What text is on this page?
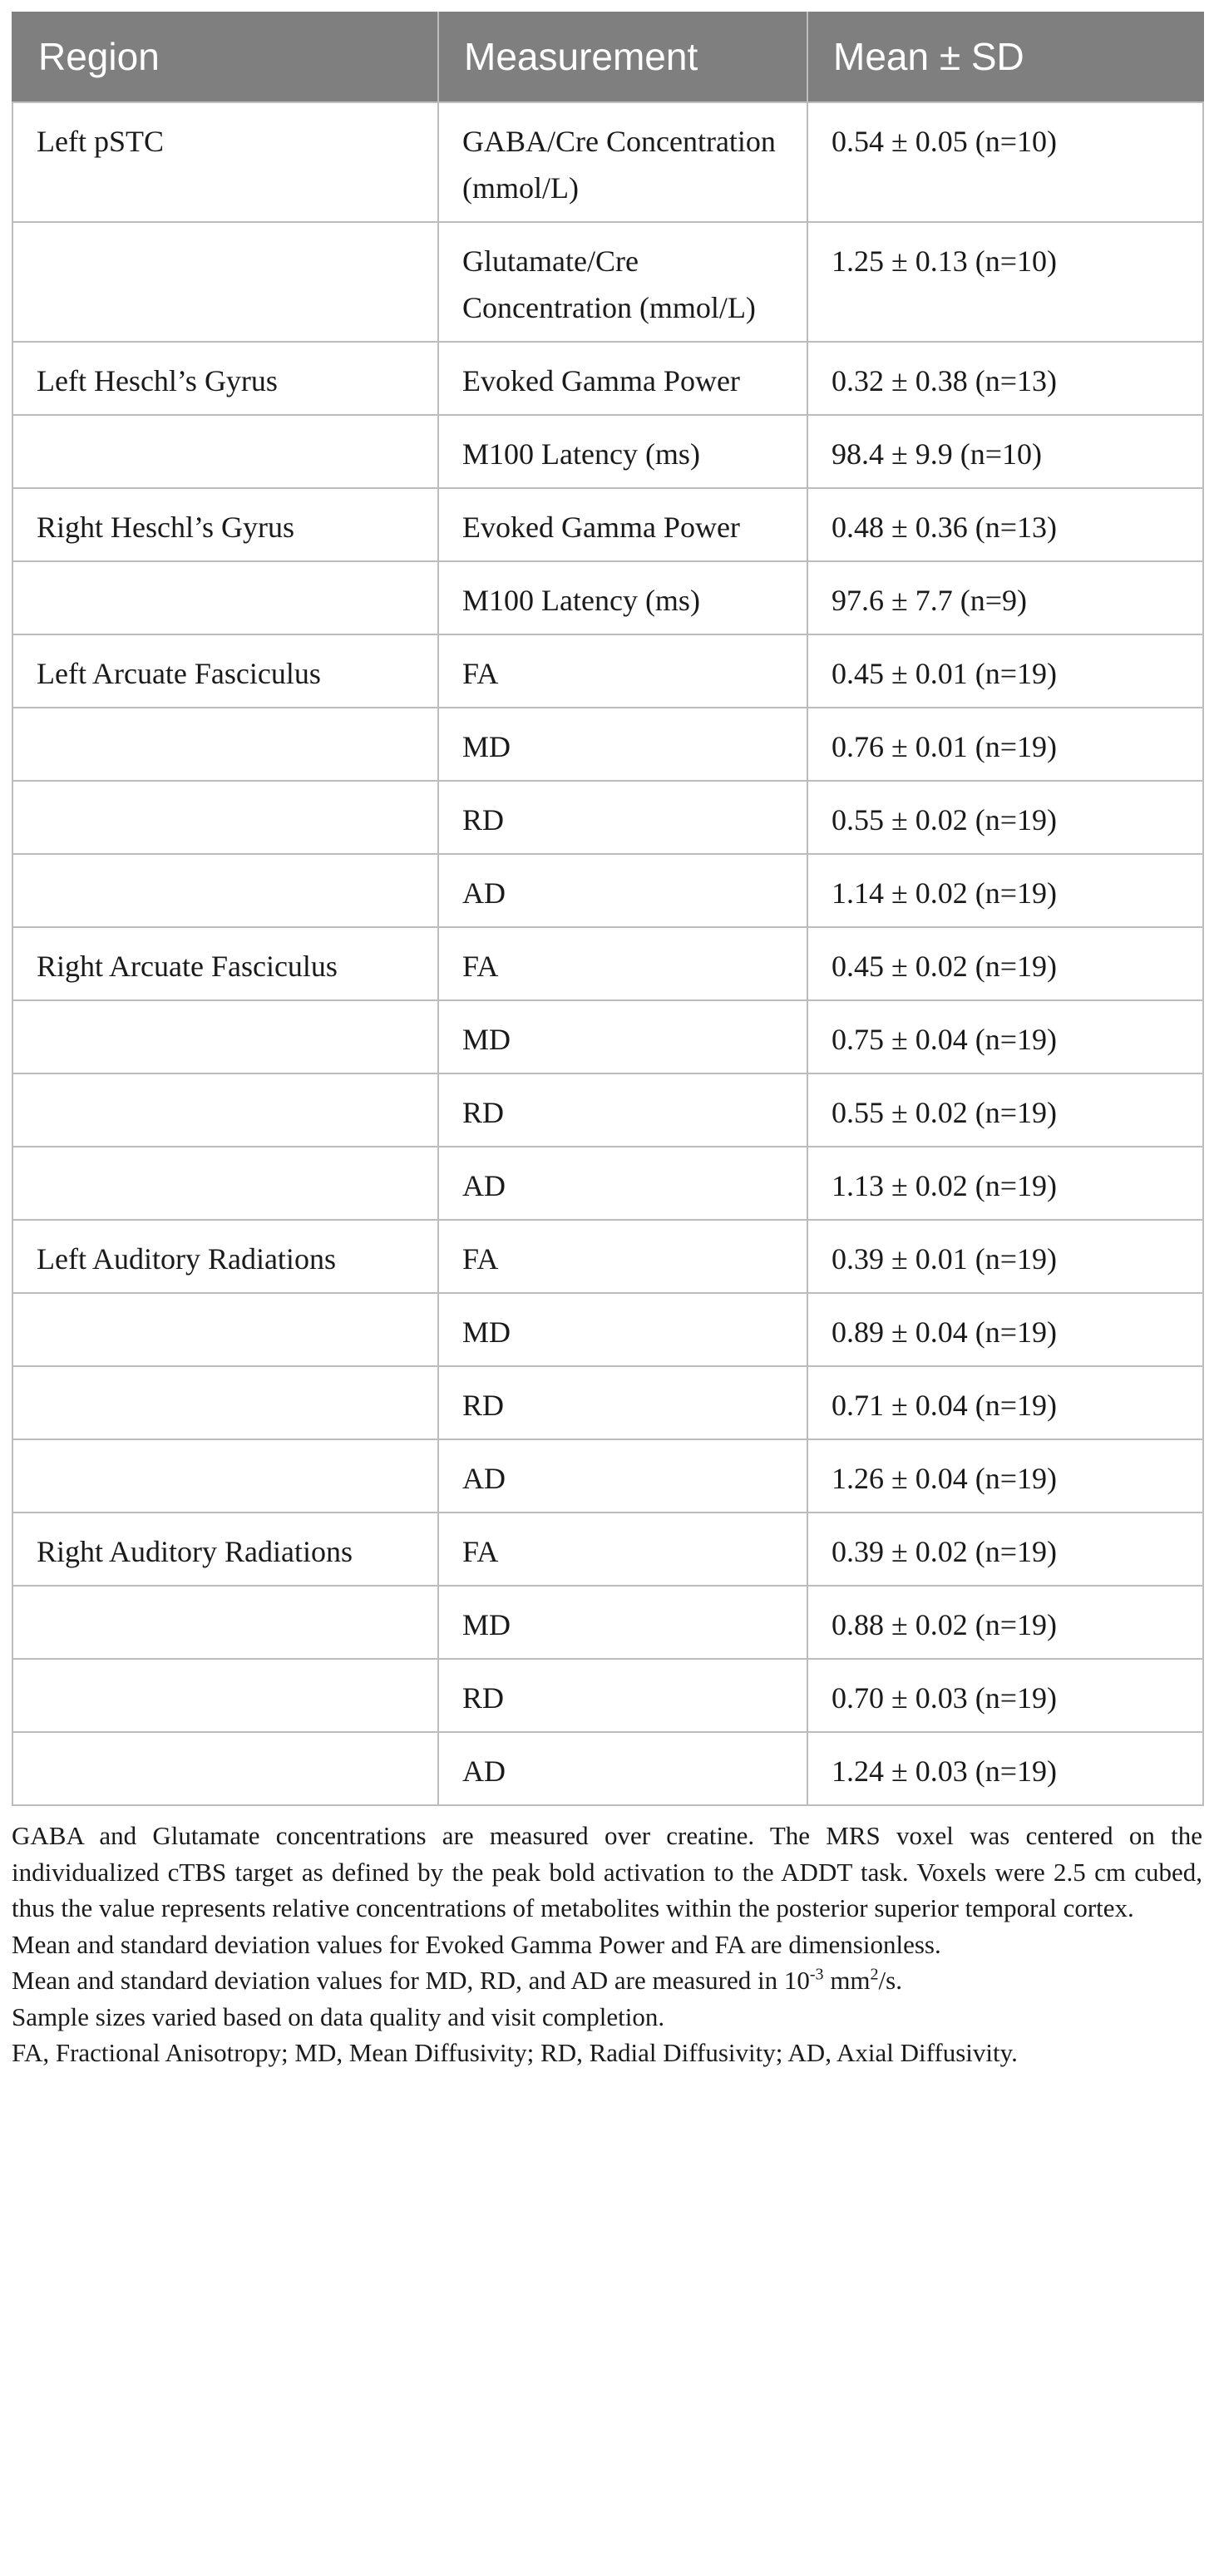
Region	Measurement	Mean ± SD
Left pSTC	GABA/Cre Concentration (mmol/L)	0.54 ± 0.05 (n=10)
	Glutamate/Cre Concentration (mmol/L)	1.25 ± 0.13 (n=10)
Left Heschl’s Gyrus	Evoked Gamma Power	0.32 ± 0.38 (n=13)
	M100 Latency (ms)	98.4 ± 9.9 (n=10)
Right Heschl’s Gyrus	Evoked Gamma Power	0.48 ± 0.36 (n=13)
	M100 Latency (ms)	97.6 ± 7.7 (n=9)
Left Arcuate Fasciculus	FA	0.45 ± 0.01 (n=19)
	MD	0.76 ± 0.01 (n=19)
	RD	0.55 ± 0.02 (n=19)
	AD	1.14 ± 0.02 (n=19)
Right Arcuate Fasciculus	FA	0.45 ± 0.02 (n=19)
	MD	0.75 ± 0.04 (n=19)
	RD	0.55 ± 0.02 (n=19)
	AD	1.13 ± 0.02 (n=19)
Left Auditory Radiations	FA	0.39 ± 0.01 (n=19)
	MD	0.89 ± 0.04 (n=19)
	RD	0.71 ± 0.04 (n=19)
	AD	1.26 ± 0.04 (n=19)
Right Auditory Radiations	FA	0.39 ± 0.02 (n=19)
	MD	0.88 ± 0.02 (n=19)
	RD	0.70 ± 0.03 (n=19)
	AD	1.24 ± 0.03 (n=19)

GABA and Glutamate concentrations are measured over creatine. The MRS voxel was centered on the individualized cTBS target as defined by the peak bold activation to the ADDT task. Voxels were 2.5 cm cubed, thus the value represents relative concentrations of metabolites within the posterior superior temporal cortex.

Mean and standard deviation values for Evoked Gamma Power and FA are dimensionless.

Mean and standard deviation values for MD, RD, and AD are measured in $10^{-3}$ $mm^2/s$.

Sample sizes varied based on data quality and visit completion.

FA, Fractional Anisotropy; MD, Mean Diffusivity; RD, Radial Diffusivity; AD, Axial Diffusivity.
